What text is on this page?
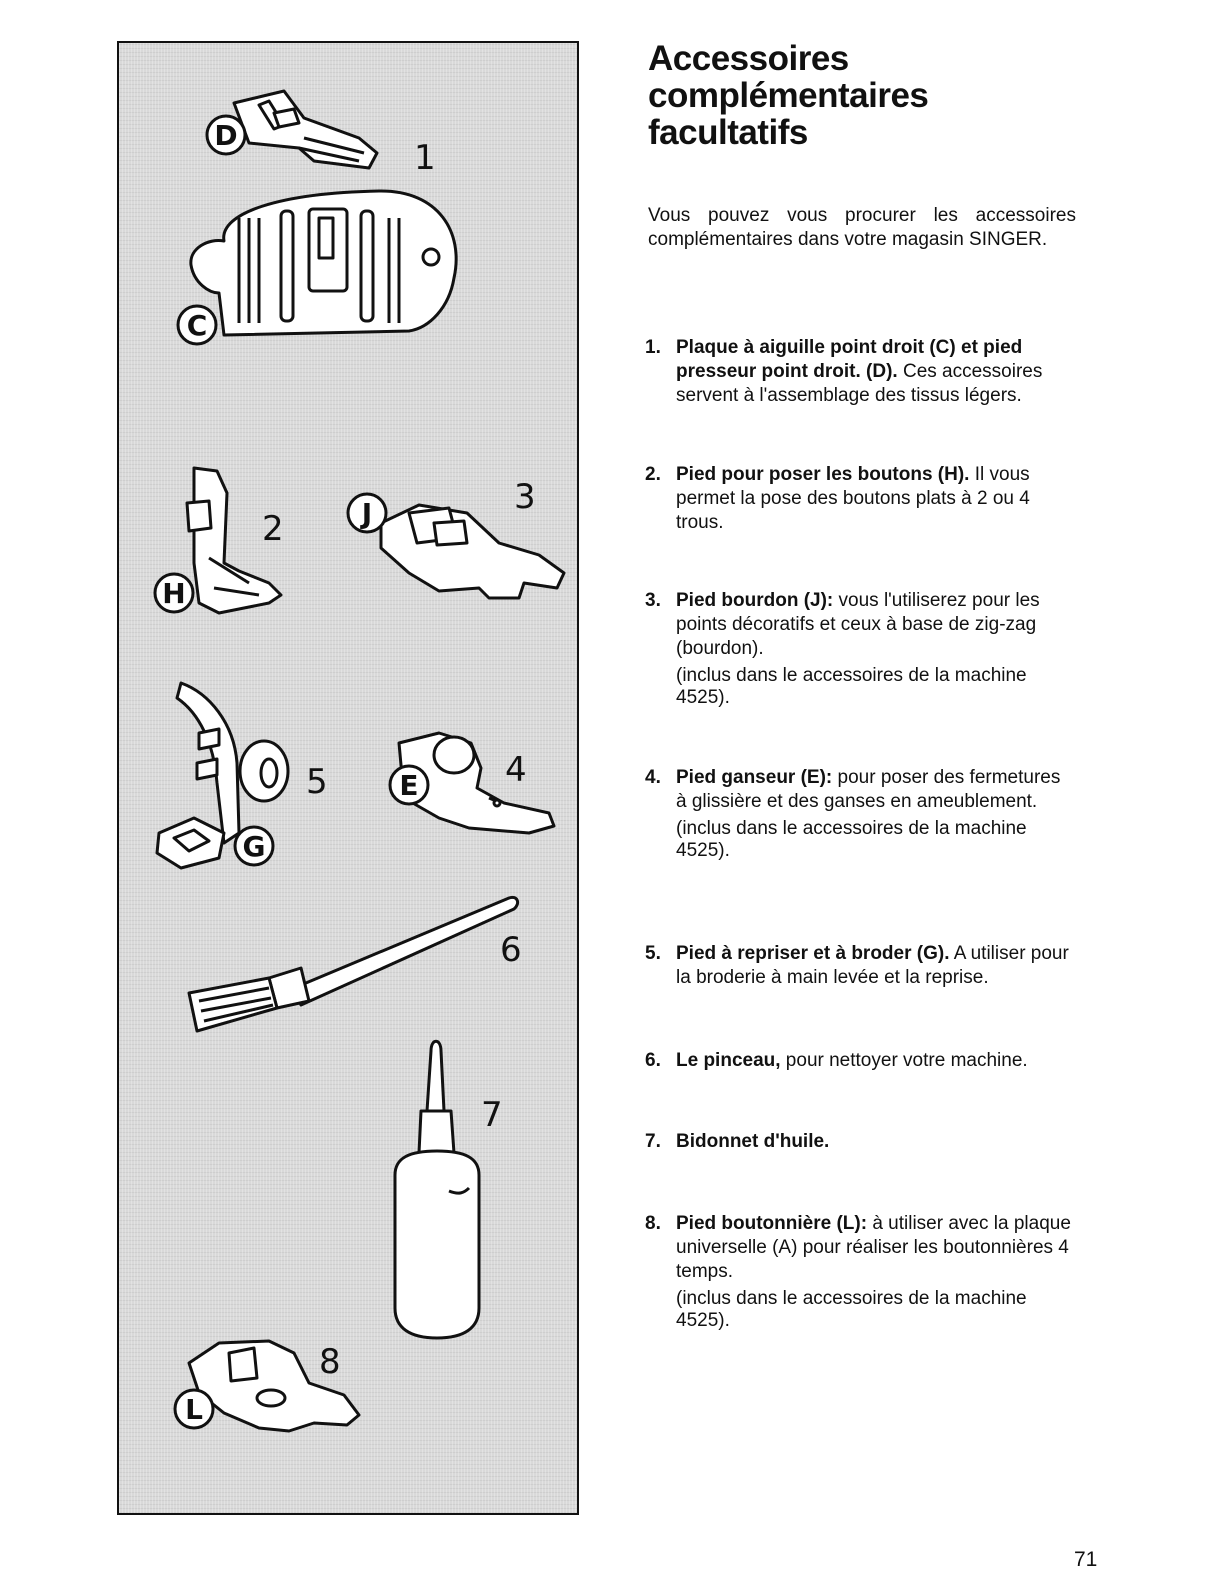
D
C
H
J
E
G
L
1
2
3
4
5
6
7
8
Accessoires
complémentaires
facultatifs

Vous pouvez vous procurer les accessoires complémentaires dans votre magasin SINGER.

1. Plaque à aiguille point droit (C) et pied presseur point droit. (D). Ces accessoires servent à l'assemblage des tissus légers.
2. Pied pour poser les boutons (H). Il vous permet la pose des boutons plats à 2 ou 4 trous.
3. Pied bourdon (J): vous l'utiliserez pour les points décoratifs et ceux à base de zig-zag (bourdon).
(inclus dans le accessoires de la machine 4525).
4. Pied ganseur (E): pour poser des fermetures à glissière et des ganses en ameublement.
(inclus dans le accessoires de la machine 4525).
5. Pied à repriser et à broder (G). A utiliser pour la broderie à main levée et la reprise.
6. Le pinceau, pour nettoyer votre machine.
7. Bidonnet d'huile.
8. Pied boutonnière (L): à utiliser avec la plaque universelle (A) pour réaliser les boutonnières 4 temps.
(inclus dans le accessoires de la machine 4525).
71
